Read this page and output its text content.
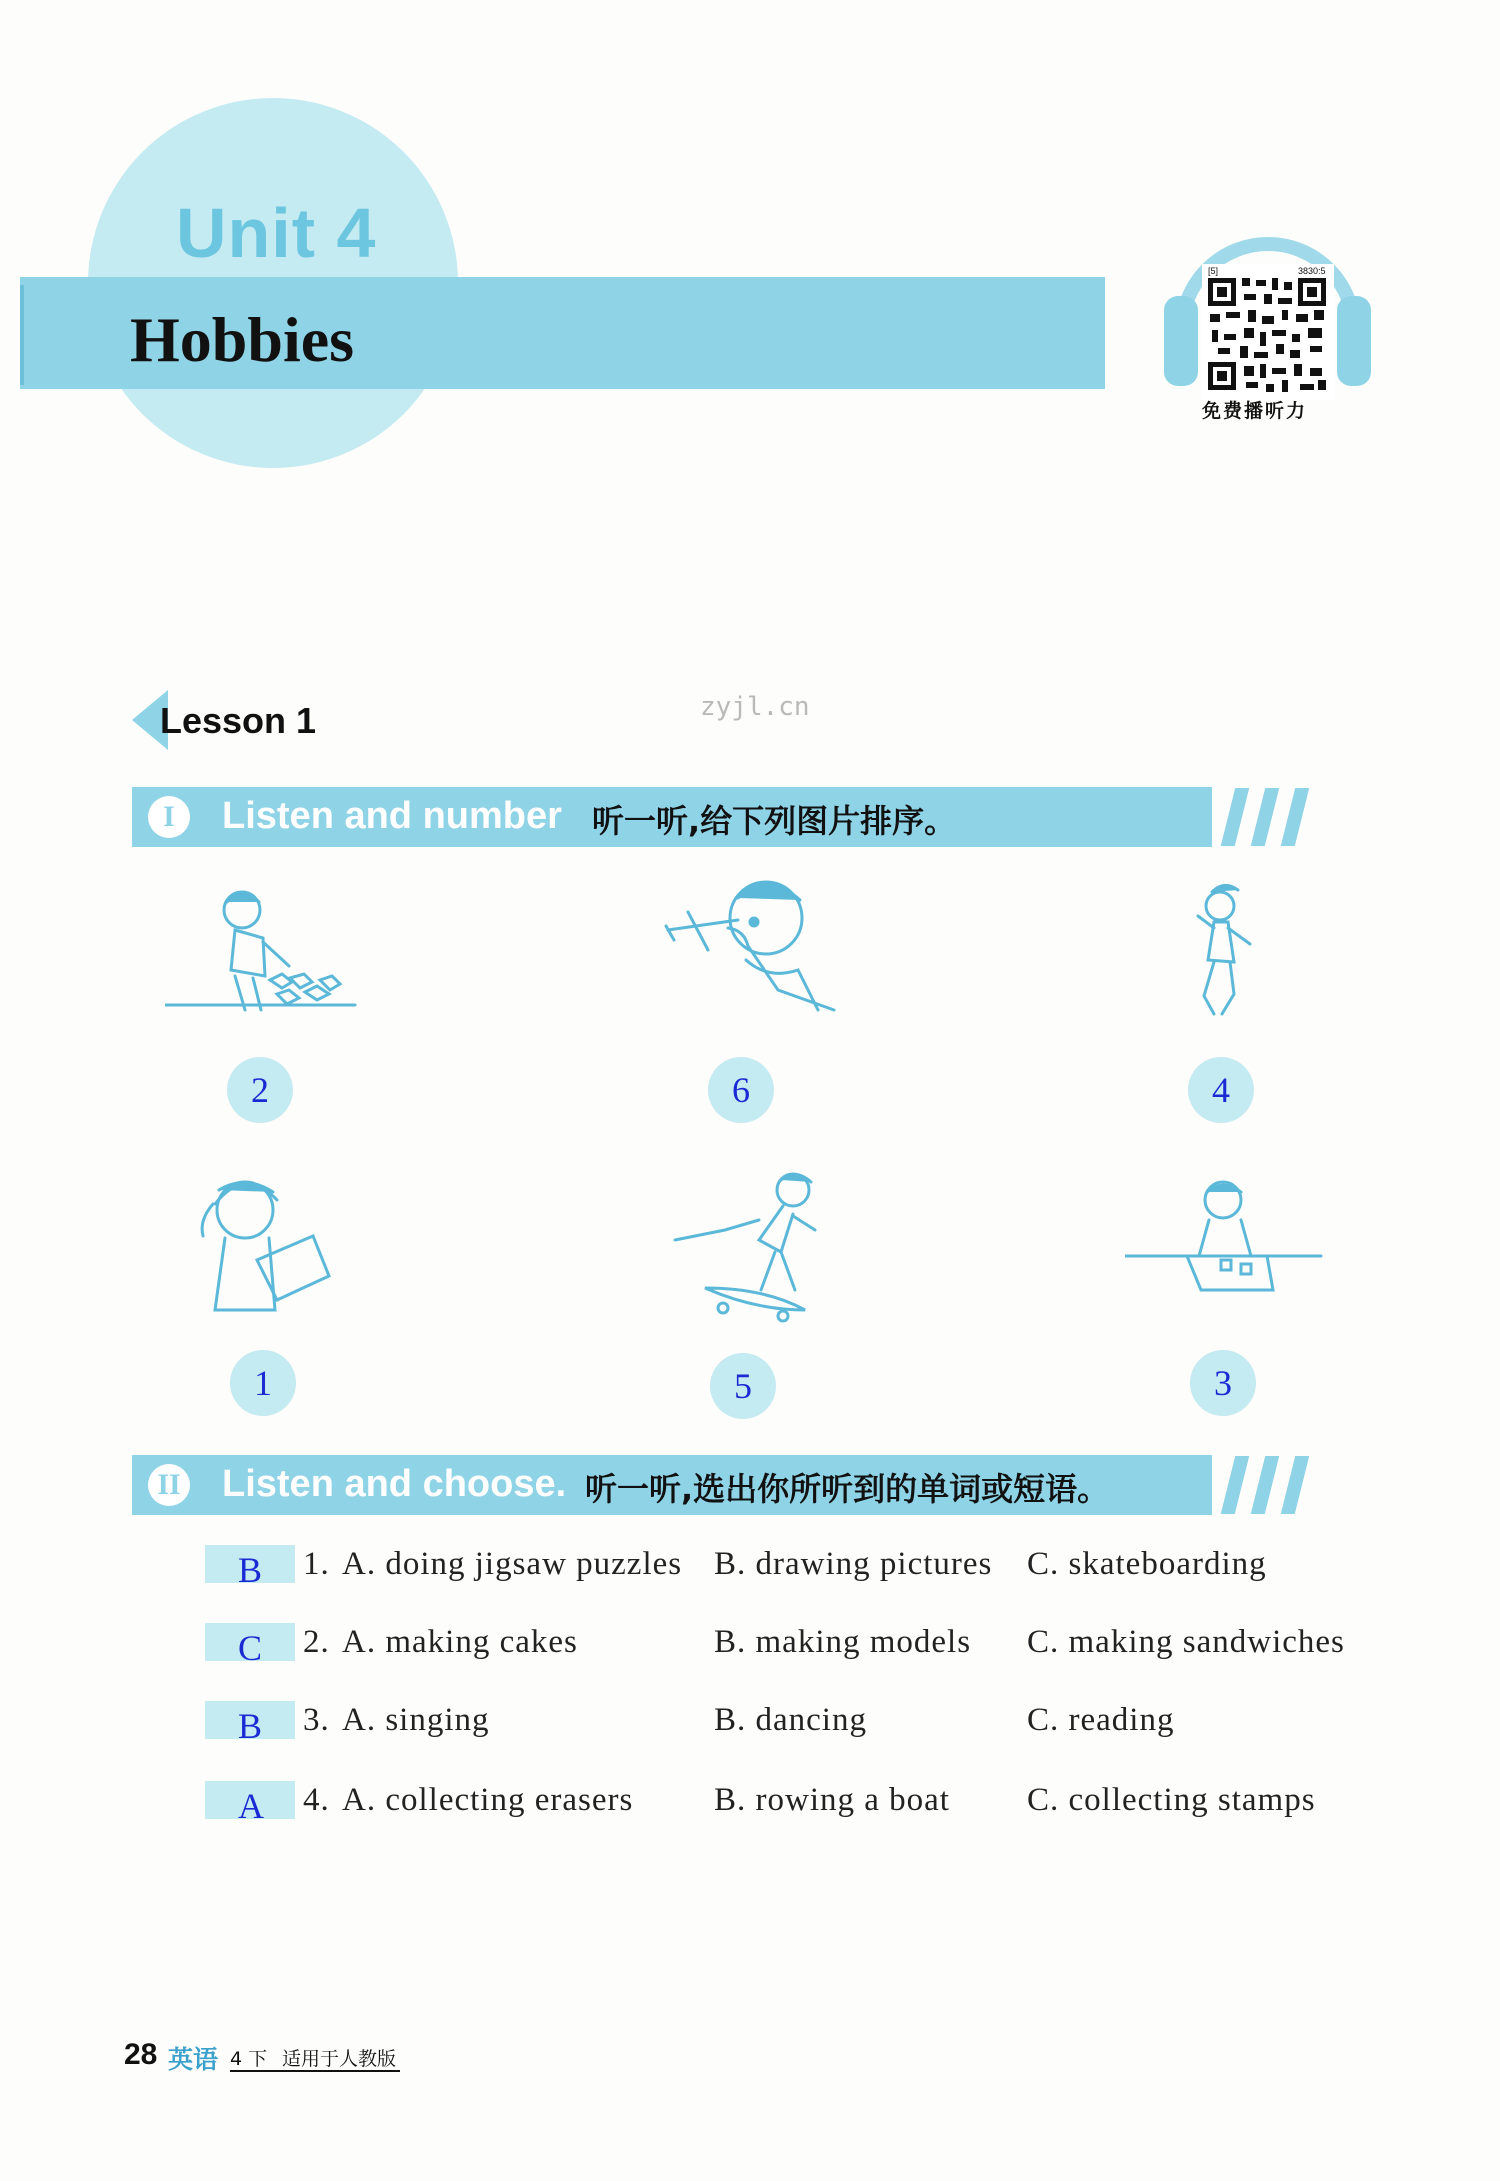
Unit 4
Hobbies
[5]	3830:5
免费播听力
Lesson 1	zyjl.cn
I	Listen and number 听一听,给下列图片排序。
2	6	4
1	5	3
II Listen and choose. 听一听,选出你所听到的单词或短语。
B 1. A. doing jigsaw puzzles B. drawing pictures C. skateboarding
C 2. A. making cakes	B. making models C. making sandwiches
B 3. A. singing	B. dancing	C. reading
A 4. A. collecting erasers B. rowing a boat C. collecting stamps
28 英语 4 下 适用于人教版
